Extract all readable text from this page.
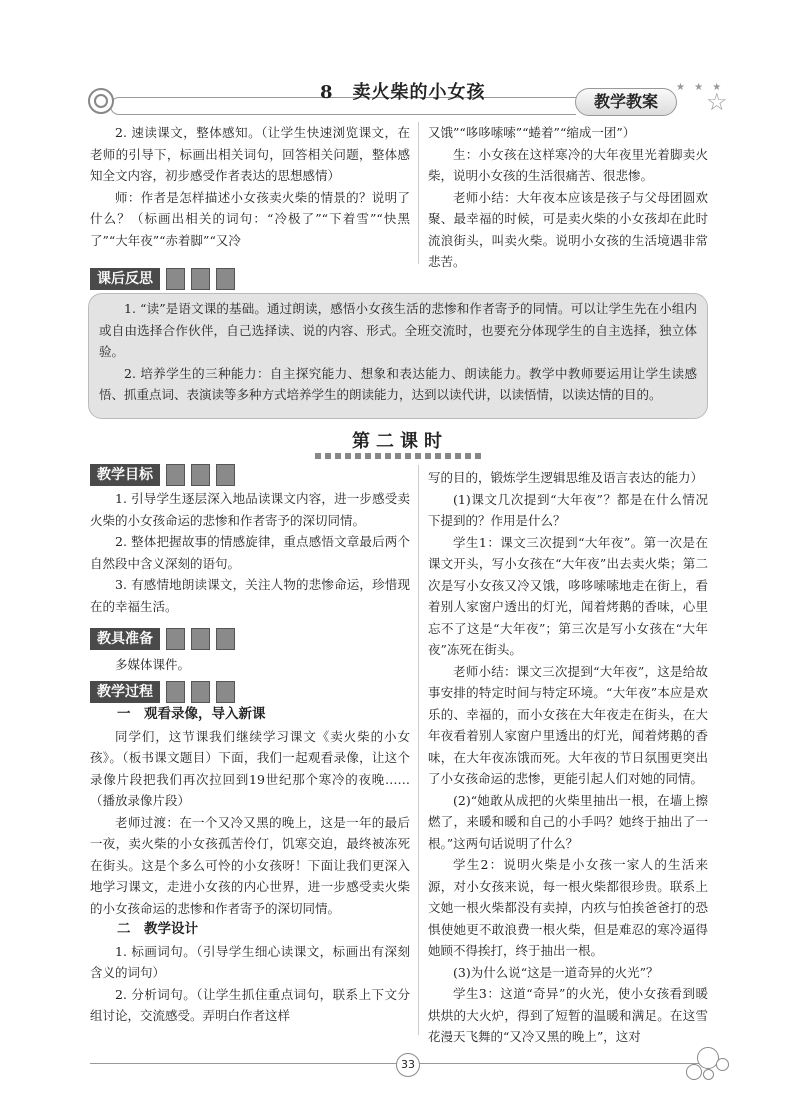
8　卖火柴的小女孩	教学教案
★ ★ ★
☆

2. 速读课文，整体感知。（让学生快速浏览课文，在老师的引导下，标画出相关词句，回答相关问题，整体感知全文内容，初步感受作者表达的思想感情）

师：作者是怎样描述小女孩卖火柴的情景的？说明了什么？（标画出相关的词句：“冷极了”“下着雪”“快黑了”“大年夜”“赤着脚”“又冷

又饿”“哆哆嗦嗦”“蜷着”“缩成一团”）

生：小女孩在这样寒冷的大年夜里光着脚卖火柴，说明小女孩的生活很痛苦、很悲惨。

老师小结：大年夜本应该是孩子与父母团圆欢聚、最幸福的时候，可是卖火柴的小女孩却在此时流浪街头，叫卖火柴。说明小女孩的生活境遇非常悲苦。

课后反思

1. “读”是语文课的基础。通过朗读，感悟小女孩生活的悲惨和作者寄予的同情。可以让学生先在小组内或自由选择合作伙伴，自己选择读、说的内容、形式。全班交流时，也要充分体现学生的自主选择，独立体验。

2. 培养学生的三种能力：自主探究能力、想象和表达能力、朗读能力。教学中教师要运用让学生读感悟、抓重点词、表演读等多种方式培养学生的朗读能力，达到以读代讲，以读悟情，以读达情的目的。

第二课时
教学目标

1. 引导学生逐层深入地品读课文内容，进一步感受卖火柴的小女孩命运的悲惨和作者寄予的深切同情。

2. 整体把握故事的情感旋律，重点感悟文章最后两个自然段中含义深刻的语句。

3. 有感情地朗读课文，关注人物的悲惨命运，珍惜现在的幸福生活。

教具准备

多媒体课件。

教学过程

一　观看录像，导入新课

同学们，这节课我们继续学习课文《卖火柴的小女孩》。（板书课文题目）下面，我们一起观看录像，让这个录像片段把我们再次拉回到19世纪那个寒冷的夜晚……（播放录像片段）

老师过渡：在一个又冷又黑的晚上，这是一年的最后一夜，卖火柴的小女孩孤苦伶仃，饥寒交迫，最终被冻死在街头。这是个多么可怜的小女孩呀！下面让我们更深入地学习课文，走进小女孩的内心世界，进一步感受卖火柴的小女孩命运的悲惨和作者寄予的深切同情。

二　教学设计

1. 标画词句。（引导学生细心读课文，标画出有深刻含义的词句）

2. 分析词句。（让学生抓住重点词句，联系上下文分组讨论，交流感受。弄明白作者这样

写的目的，锻炼学生逻辑思维及语言表达的能力）

(1)课文几次提到“大年夜”？都是在什么情况下提到的？作用是什么？

学生1：课文三次提到“大年夜”。第一次是在课文开头，写小女孩在“大年夜”出去卖火柴；第二次是写小女孩又冷又饿，哆哆嗦嗦地走在街上，看着别人家窗户透出的灯光，闻着烤鹅的香味，心里忘不了这是“大年夜”；第三次是写小女孩在“大年夜”冻死在街头。

老师小结：课文三次提到“大年夜”，这是给故事安排的特定时间与特定环境。“大年夜”本应是欢乐的、幸福的，而小女孩在大年夜走在街头，在大年夜看着别人家窗户里透出的灯光，闻着烤鹅的香味，在大年夜冻饿而死。大年夜的节日氛围更突出了小女孩命运的悲惨，更能引起人们对她的同情。

(2)“她敢从成把的火柴里抽出一根，在墙上擦燃了，来暖和暖和自己的小手吗？她终于抽出了一根。”这两句话说明了什么？

学生2：说明火柴是小女孩一家人的生活来源，对小女孩来说，每一根火柴都很珍贵。联系上文她一根火柴都没有卖掉，内疚与怕挨爸爸打的恐惧使她更不敢浪费一根火柴，但是难忍的寒冷逼得她顾不得挨打，终于抽出一根。

(3)为什么说“这是一道奇异的火光”？

学生3：这道“奇异”的火光，使小女孩看到暖烘烘的大火炉，得到了短暂的温暖和满足。在这雪花漫天飞舞的“又冷又黑的晚上”，这对

33
